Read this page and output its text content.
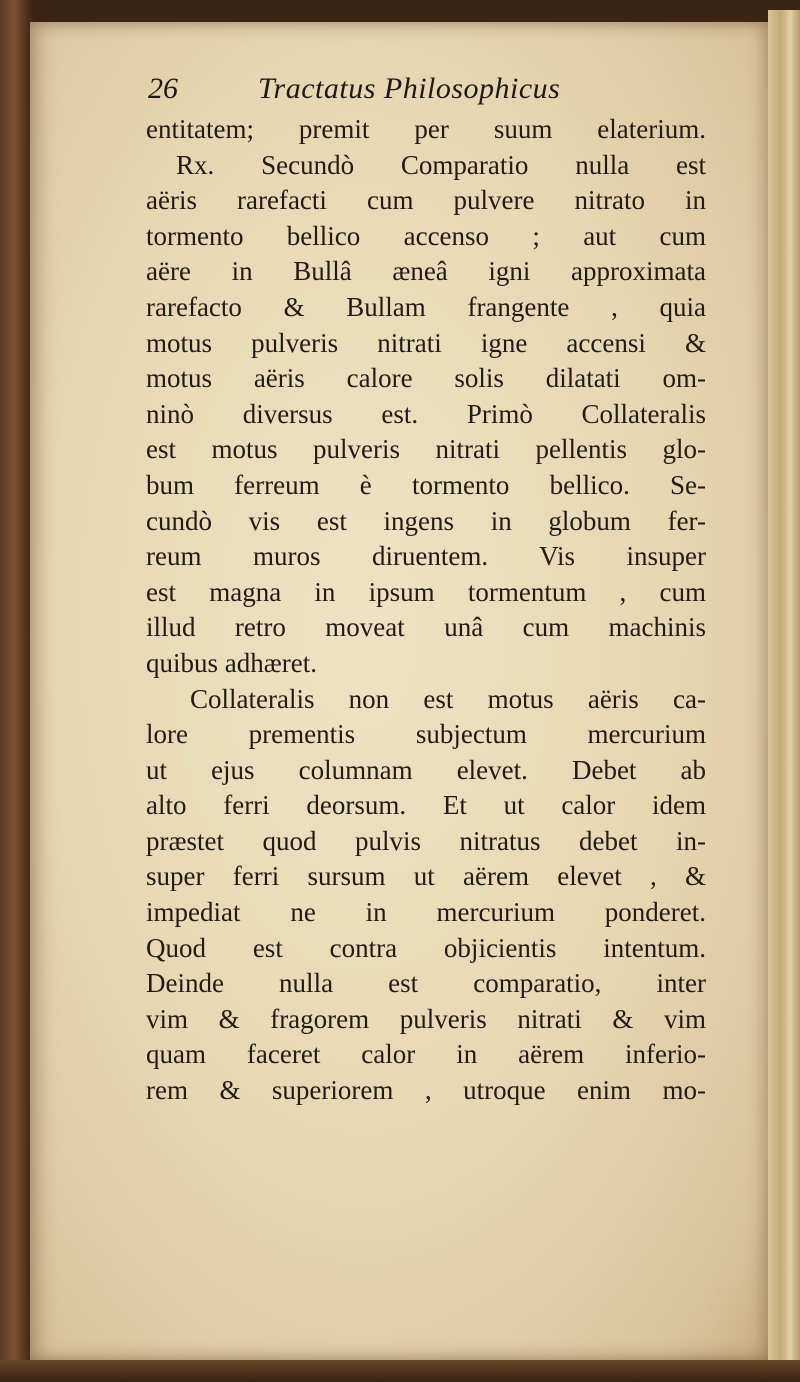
26	Tractatus Philosophicus
entitatem; premit per suum elaterium.
Rx. Secundò Comparatio nulla est
aëris rarefacti cum pulvere nitrato in
tormento bellico accenso ; aut cum
aëre in Bullâ æneâ igni approximata
rarefacto & Bullam frangente , quia
motus pulveris nitrati igne accensi &
motus aëris calore solis dilatati om-
ninò diversus est. Primò Collateralis
est motus pulveris nitrati pellentis glo-
bum ferreum è tormento bellico. Se-
cundò vis est ingens in globum fer-
reum muros diruentem. Vis insuper
est magna in ipsum tormentum , cum
illud retro moveat unâ cum machinis
quibus adhæret.
Collateralis non est motus aëris ca-
lore prementis subjectum mercurium
ut ejus columnam elevet. Debet ab
alto ferri deorsum. Et ut calor idem
præstet quod pulvis nitratus debet in-
super ferri sursum ut aërem elevet , &
impediat ne in mercurium ponderet.
Quod est contra objicientis intentum.
Deinde nulla est comparatio, inter
vim & fragorem pulveris nitrati & vim
quam faceret calor in aërem inferio-
rem & superiorem , utroque enim mo-
